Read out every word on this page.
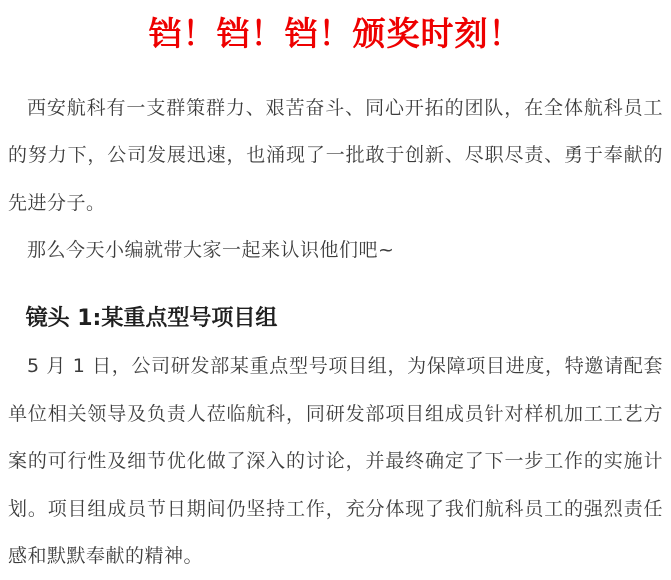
铛！铛！铛！颁奖时刻！

西安航科有一支群策群力、艰苦奋斗、同心开拓的团队，在全体航科员工的努力下，公司发展迅速，也涌现了一批敢于创新、尽职尽责、勇于奉献的先进分子。

那么今天小编就带大家一起来认识他们吧~

镜头 1:某重点型号项目组

5 月 1 日，公司研发部某重点型号项目组，为保障项目进度，特邀请配套单位相关领导及负责人莅临航科，同研发部项目组成员针对样机加工工艺方案的可行性及细节优化做了深入的讨论，并最终确定了下一步工作的实施计划。项目组成员节日期间仍坚持工作，充分体现了我们航科员工的强烈责任感和默默奉献的精神。
